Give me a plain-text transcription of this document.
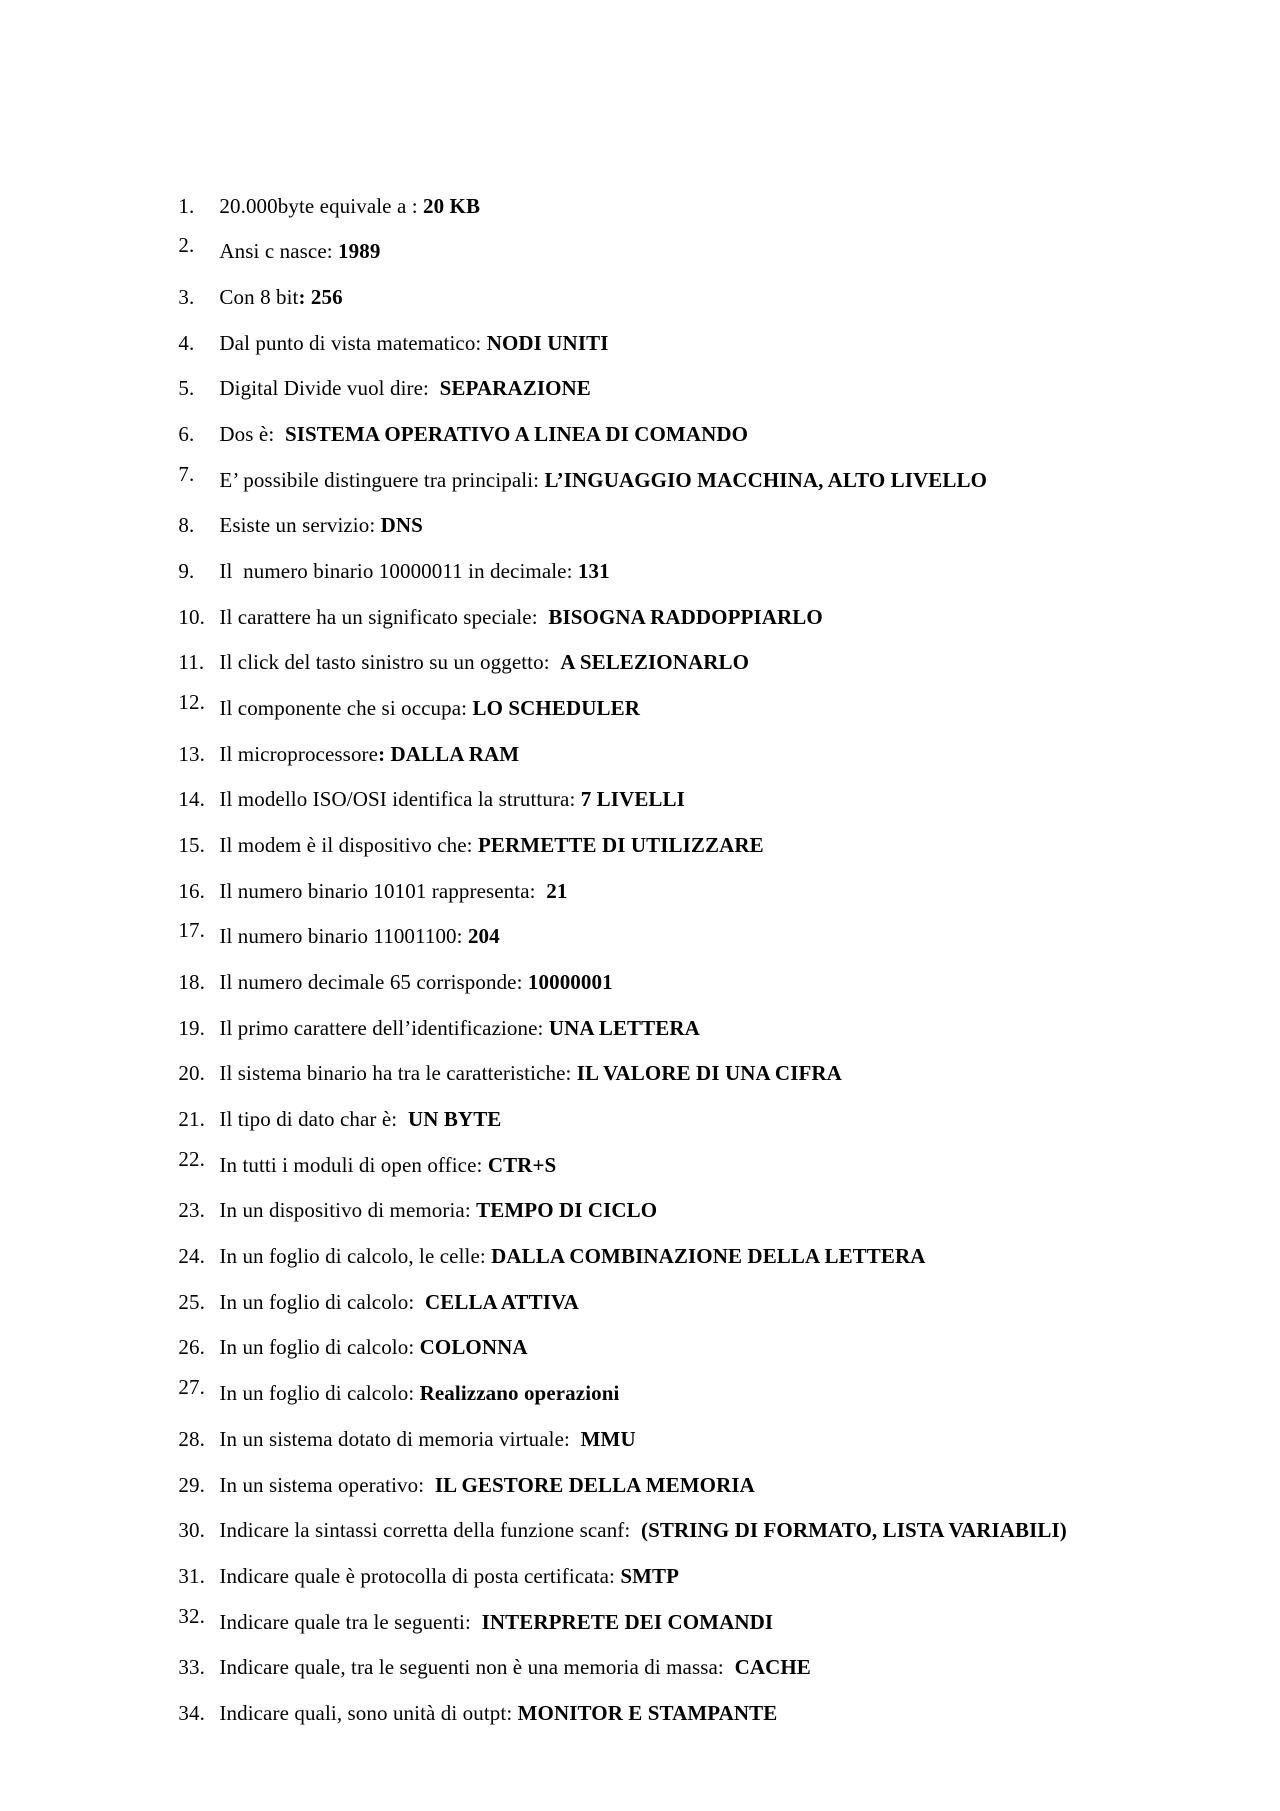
1. 20.000byte equivale a : 20 KB

2. Ansi c nasce: 1989

3. Con 8 bit: 256

4. Dal punto di vista matematico: NODI UNITI

5. Digital Divide vuol dire:  SEPARAZIONE

6. Dos è:  SISTEMA OPERATIVO A LINEA DI COMANDO

7. E’ possibile distinguere tra principali: L’INGUAGGIO MACCHINA, ALTO LIVELLO

8. Esiste un servizio: DNS

9. Il  numero binario 10000011 in decimale: 131

10. Il carattere ha un significato speciale:  BISOGNA RADDOPPIARLO

11. Il click del tasto sinistro su un oggetto:  A SELEZIONARLO

12. Il componente che si occupa: LO SCHEDULER

13. Il microprocessore: DALLA RAM

14. Il modello ISO/OSI identifica la struttura: 7 LIVELLI

15. Il modem è il dispositivo che: PERMETTE DI UTILIZZARE

16. Il numero binario 10101 rappresenta:  21

17. Il numero binario 11001100: 204

18. Il numero decimale 65 corrisponde: 10000001

19. Il primo carattere dell’identificazione: UNA LETTERA

20. Il sistema binario ha tra le caratteristiche: IL VALORE DI UNA CIFRA

21. Il tipo di dato char è:  UN BYTE

22. In tutti i moduli di open office: CTR+S

23. In un dispositivo di memoria: TEMPO DI CICLO

24. In un foglio di calcolo, le celle: DALLA COMBINAZIONE DELLA LETTERA

25. In un foglio di calcolo:  CELLA ATTIVA

26. In un foglio di calcolo: COLONNA

27. In un foglio di calcolo: Realizzano operazioni

28. In un sistema dotato di memoria virtuale:  MMU

29. In un sistema operativo:  IL GESTORE DELLA MEMORIA

30. Indicare la sintassi corretta della funzione scanf:  (STRING DI FORMATO, LISTA VARIABILI)

31. Indicare quale è protocolla di posta certificata: SMTP

32. Indicare quale tra le seguenti:  INTERPRETE DEI COMANDI

33. Indicare quale, tra le seguenti non è una memoria di massa:  CACHE

34. Indicare quali, sono unità di outpt: MONITOR E STAMPANTE
